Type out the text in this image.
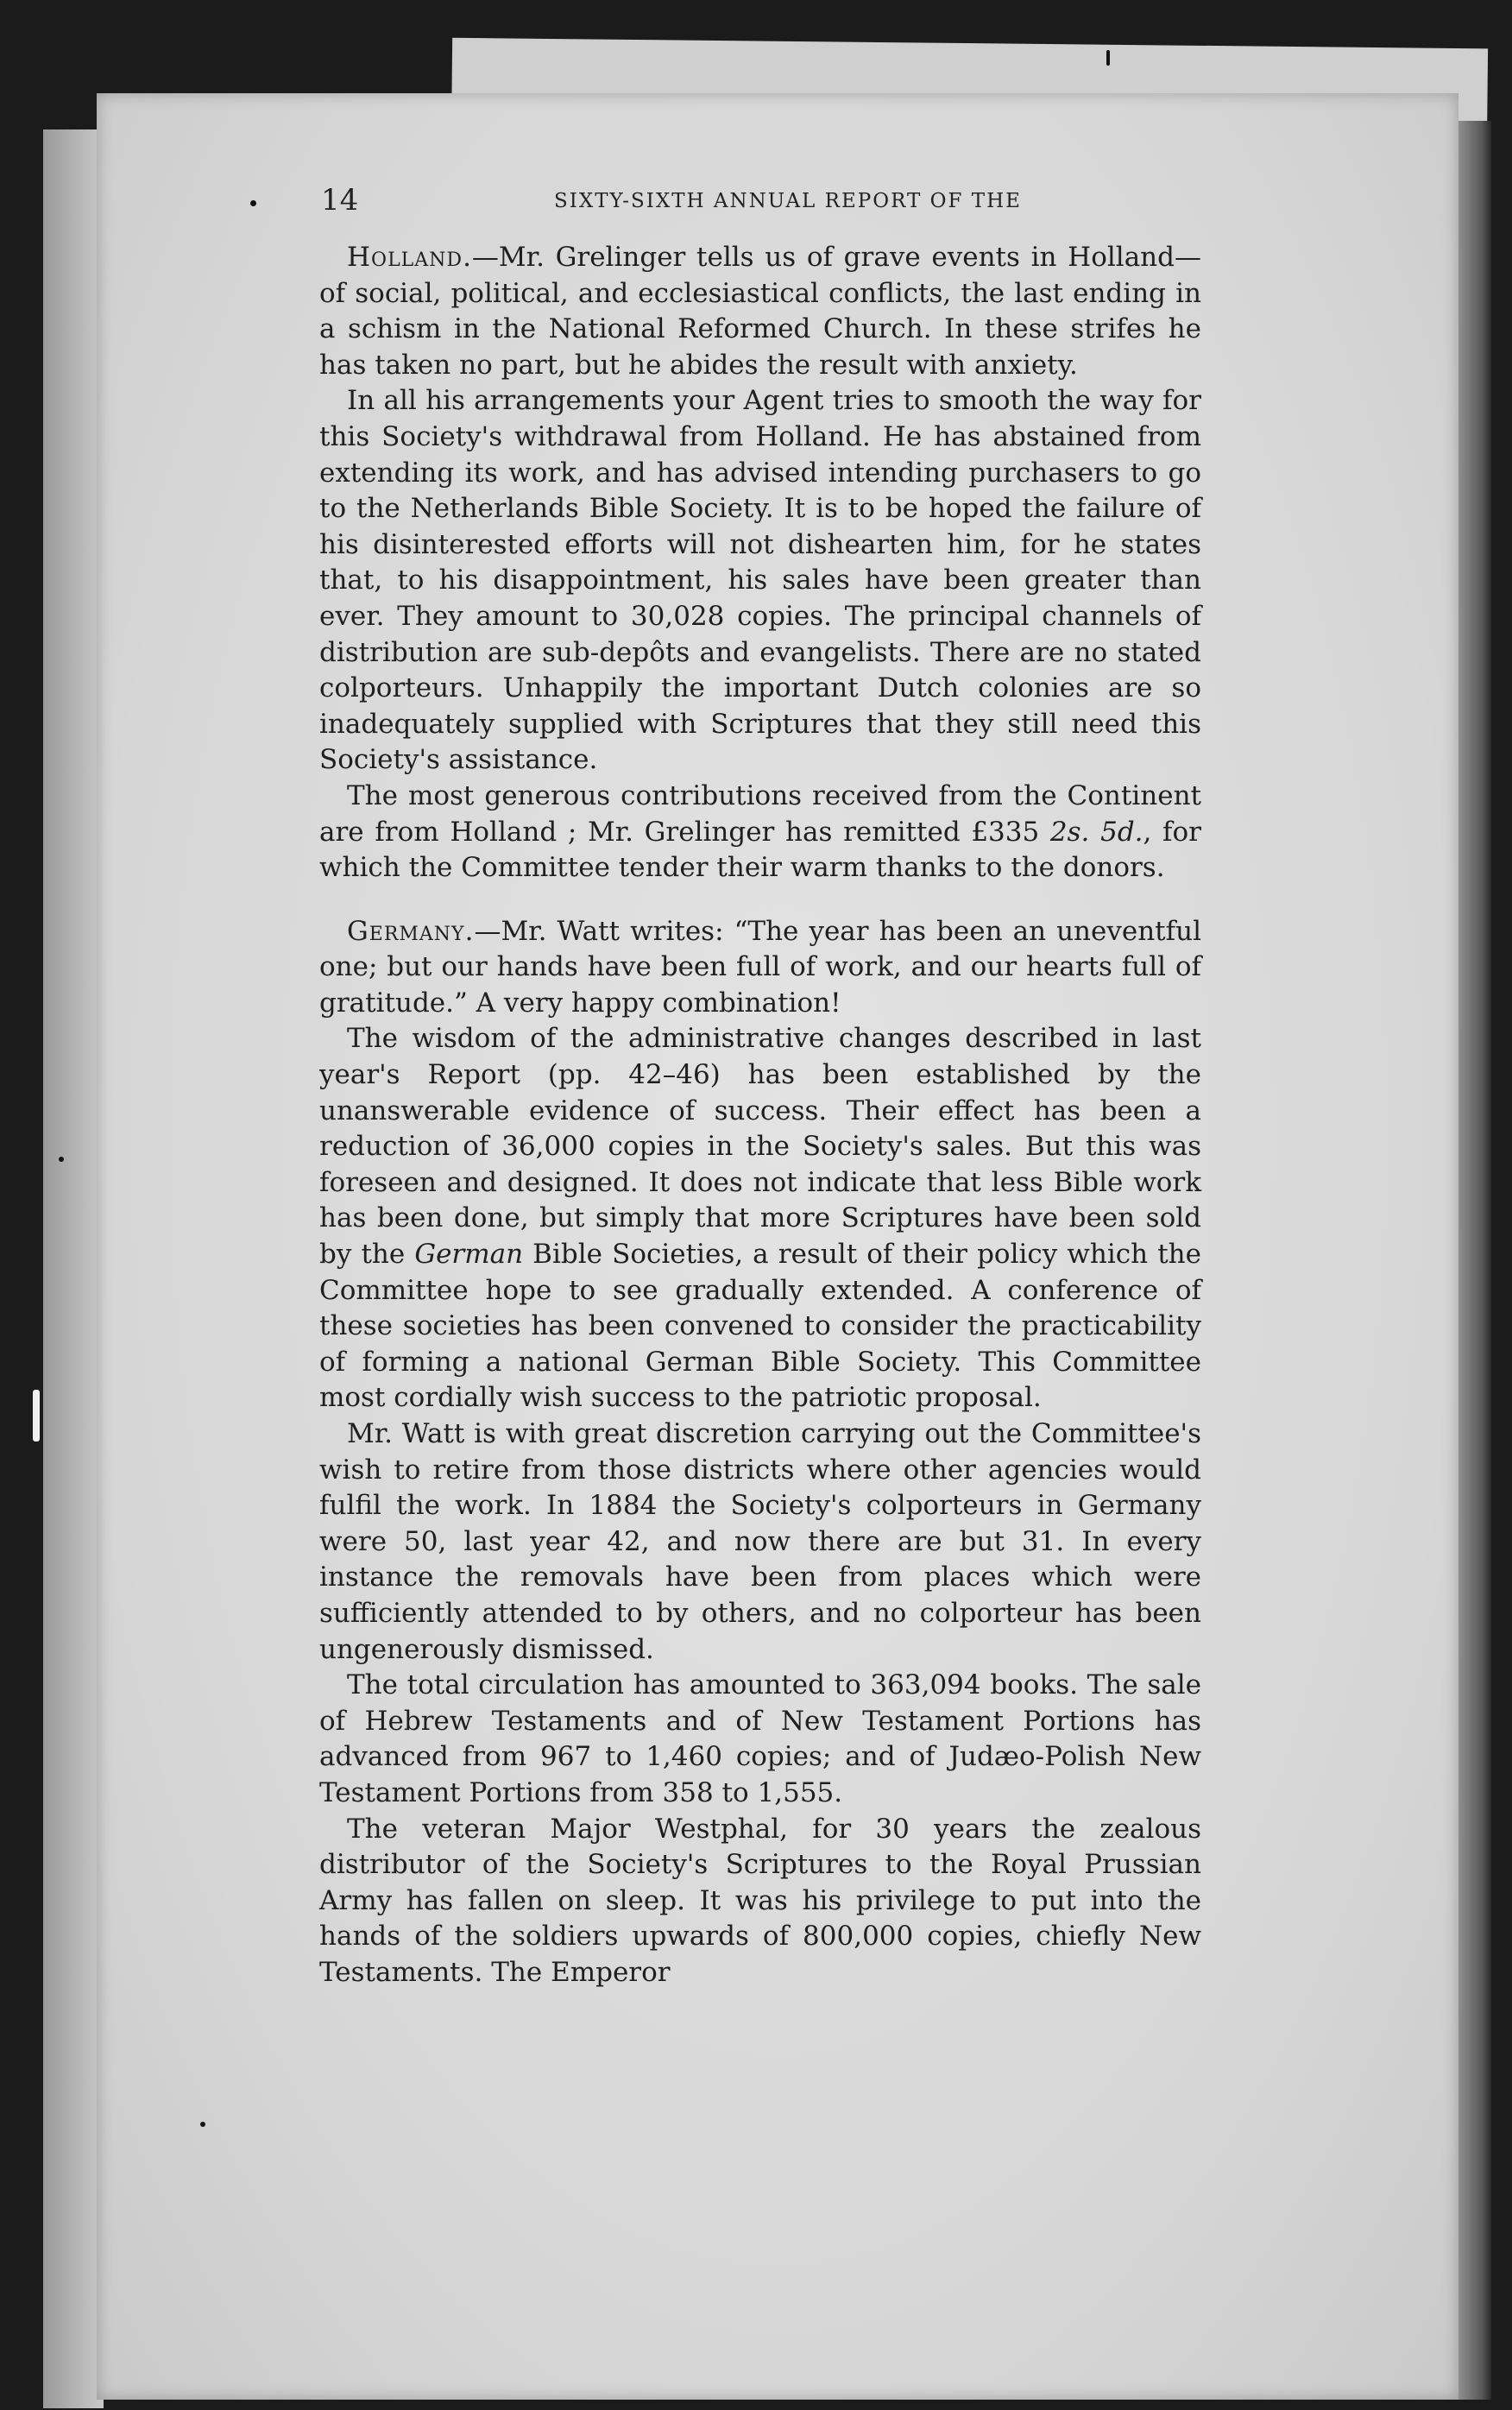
14	SIXTY-SIXTH ANNUAL REPORT OF THE

Holland.—Mr. Grelinger tells us of grave events in Holland—of social, political, and ecclesiastical conflicts, the last ending in a schism in the National Reformed Church. In these strifes he has taken no part, but he abides the result with anxiety.

In all his arrangements your Agent tries to smooth the way for this Society's withdrawal from Holland. He has abstained from extending its work, and has advised intending purchasers to go to the Netherlands Bible Society. It is to be hoped the failure of his disinterested efforts will not dishearten him, for he states that, to his disappointment, his sales have been greater than ever. They amount to 30,028 copies. The principal channels of distribution are sub-depôts and evangelists. There are no stated colporteurs. Unhappily the important Dutch colonies are so inadequately supplied with Scriptures that they still need this Society's assistance.

The most generous contributions received from the Continent are from Holland ; Mr. Grelinger has remitted £335 2s. 5d., for which the Committee tender their warm thanks to the donors.

Germany.—Mr. Watt writes: “The year has been an uneventful one; but our hands have been full of work, and our hearts full of gratitude.” A very happy combination!

The wisdom of the administrative changes described in last year's Report (pp. 42–46) has been established by the unanswerable evidence of success. Their effect has been a reduction of 36,000 copies in the Society's sales. But this was foreseen and designed. It does not indicate that less Bible work has been done, but simply that more Scriptures have been sold by the German Bible Societies, a result of their policy which the Committee hope to see gradually extended. A conference of these societies has been convened to consider the practicability of forming a national German Bible Society. This Committee most cordially wish success to the patriotic proposal.

Mr. Watt is with great discretion carrying out the Committee's wish to retire from those districts where other agencies would fulfil the work. In 1884 the Society's colporteurs in Germany were 50, last year 42, and now there are but 31. In every instance the removals have been from places which were sufficiently attended to by others, and no colporteur has been ungenerously dismissed.

The total circulation has amounted to 363,094 books. The sale of Hebrew Testaments and of New Testament Portions has advanced from 967 to 1,460 copies; and of Judæo-Polish New Testament Portions from 358 to 1,555.

The veteran Major Westphal, for 30 years the zealous distributor of the Society's Scriptures to the Royal Prussian Army has fallen on sleep. It was his privilege to put into the hands of the soldiers upwards of 800,000 copies, chiefly New Testaments. The Emperor
